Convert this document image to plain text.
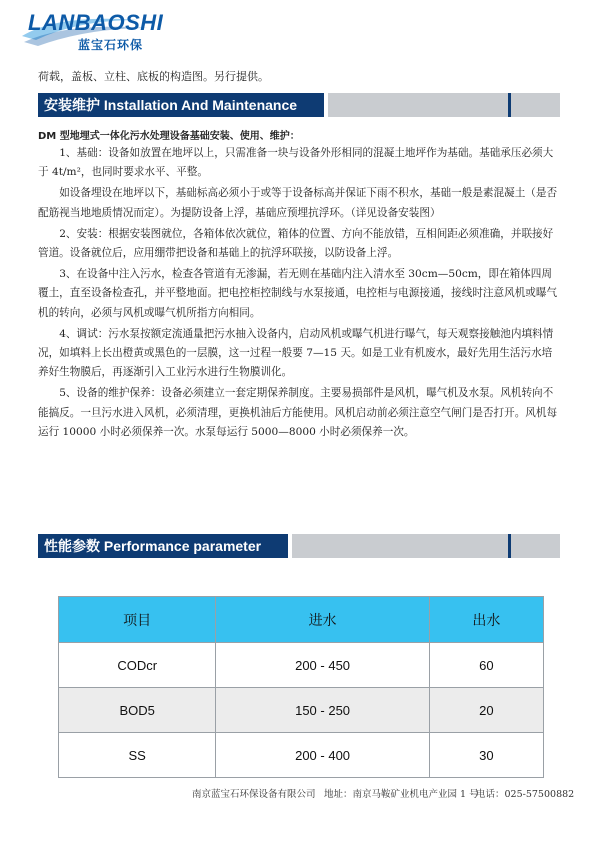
LANBAOSHI
蓝宝石环保
荷载，盖板、立柱、底板的构造图。另行提供。
安装维护 Installation And Maintenance
DM 型地埋式一体化污水处理设备基础安装、使用、维护：

1、基础：设备如放置在地坪以上，只需准备一块与设备外形相同的混凝土地坪作为基础。基础承压必须大于 4t/m²，也同时要求水平、平整。

如设备埋设在地坪以下，基础标高必须小于或等于设备标高并保证下雨不积水，基础一般是素混凝土（是否配筋视当地地质情况而定）。为提防设备上浮，基础应预埋抗浮环。（详见设备安装图）

2、安装：根据安装图就位，各箱体依次就位，箱体的位置、方向不能放错，互相间距必须准确，并联接好管道。设备就位后，应用绷带把设备和基础上的抗浮环联接，以防设备上浮。

3、在设备中注入污水，检查各管道有无渗漏，若无则在基础内注入清水至 30cm—50cm，即在箱体四周覆土，直至设备检查孔，并平整地面。把电控柜控制线与水泵接通，电控柜与电源接通，接线时注意风机或曝气机的转向，必须与风机或曝气机所指方向相同。

4、调试：污水泵按额定流通量把污水抽入设备内，启动风机或曝气机进行曝气，每天观察接触池内填料情况，如填料上长出橙黄或黑色的一层膜，这一过程一般要 7—15 天。如是工业有机废水，最好先用生活污水培养好生物膜后，再逐渐引入工业污水进行生物膜训化。

5、设备的维护保养：设备必须建立一套定期保养制度。主要易损部件是风机，曝气机及水泵。风机转向不能搞反。一旦污水进入风机，必须清理，更换机油后方能使用。风机启动前必须注意空气闸门是否打开。风机每运行 10000 小时必须保养一次。水泵每运行 5000—8000 小时必须保养一次。

性能参数 Performance parameter
项目	进水	出水
CODcr	200 - 450	60
BOD5	150 - 250	20
SS	200 - 400	30
南京蓝宝石环保设备有限公司 地址：南京马鞍矿业机电产业园 1 号
电话：025-57500882
